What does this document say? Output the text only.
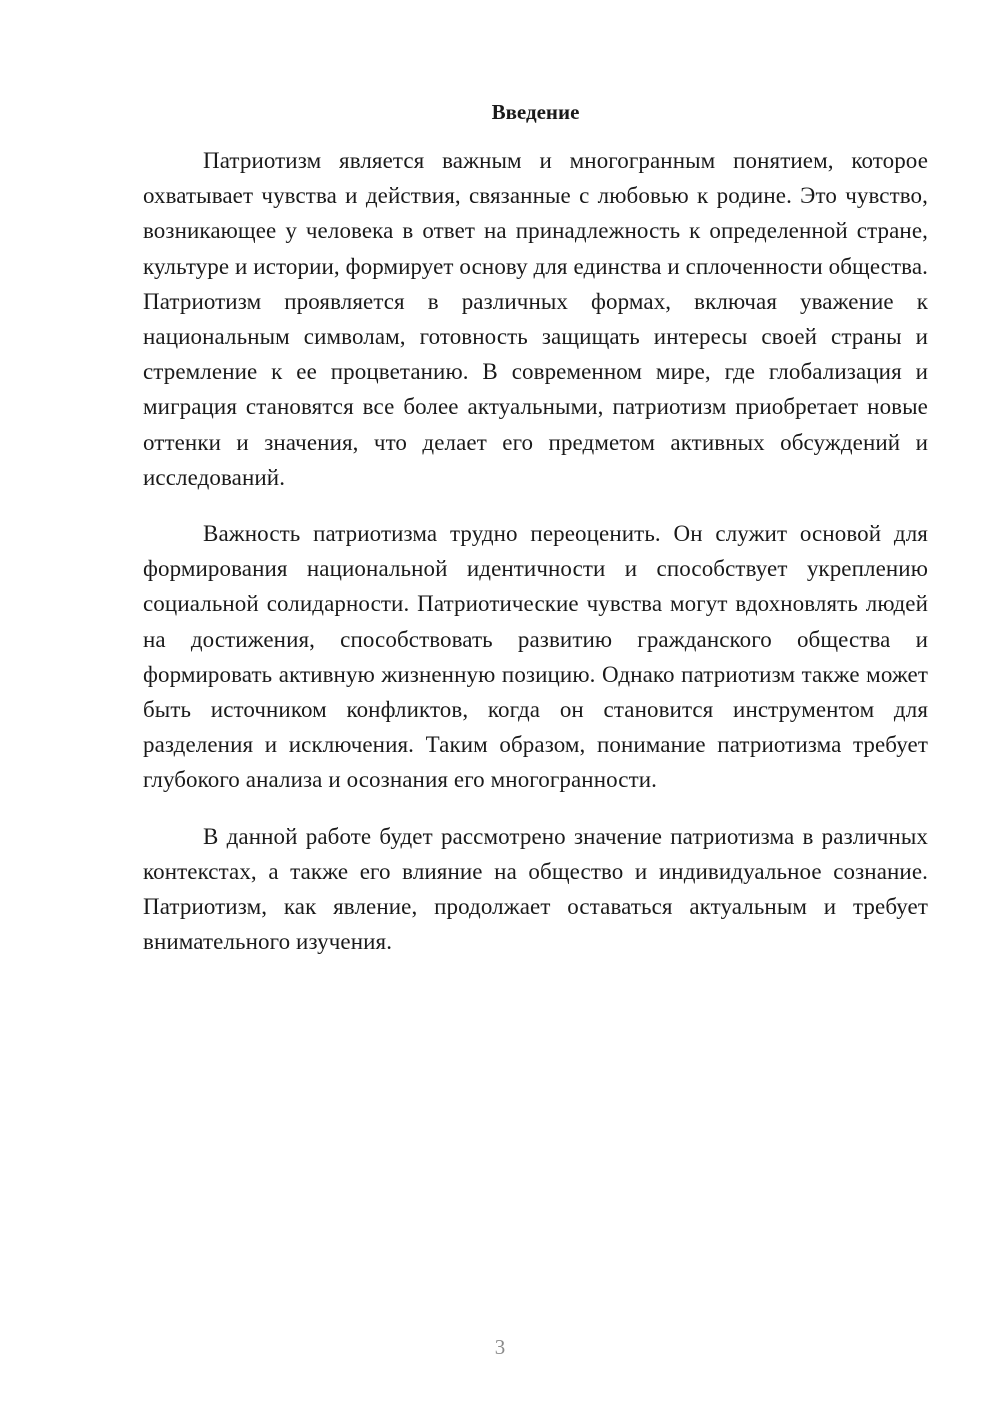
Введение

Патриотизм является важным и многогранным понятием, которое охватывает чувства и действия, связанные с любовью к родине. Это чувство, возникающее у человека в ответ на принадлежность к определенной стране, культуре и истории, формирует основу для единства и сплоченности общества. Патриотизм проявляется в различных формах, включая уважение к национальным символам, готовность защищать интересы своей страны и стремление к ее процветанию. В современном мире, где глобализация и миграция становятся все более актуальными, патриотизм приобретает новые оттенки и значения, что делает его предметом активных обсуждений и исследований.

Важность патриотизма трудно переоценить. Он служит основой для формирования национальной идентичности и способствует укреплению социальной солидарности. Патриотические чувства могут вдохновлять людей на достижения, способствовать развитию гражданского общества и формировать активную жизненную позицию. Однако патриотизм также может быть источником конфликтов, когда он становится инструментом для разделения и исключения. Таким образом, понимание патриотизма требует глубокого анализа и осознания его многогранности.

В данной работе будет рассмотрено значение патриотизма в различных контекстах, а также его влияние на общество и индивидуальное сознание. Патриотизм, как явление, продолжает оставаться актуальным и требует внимательного изучения.

3
